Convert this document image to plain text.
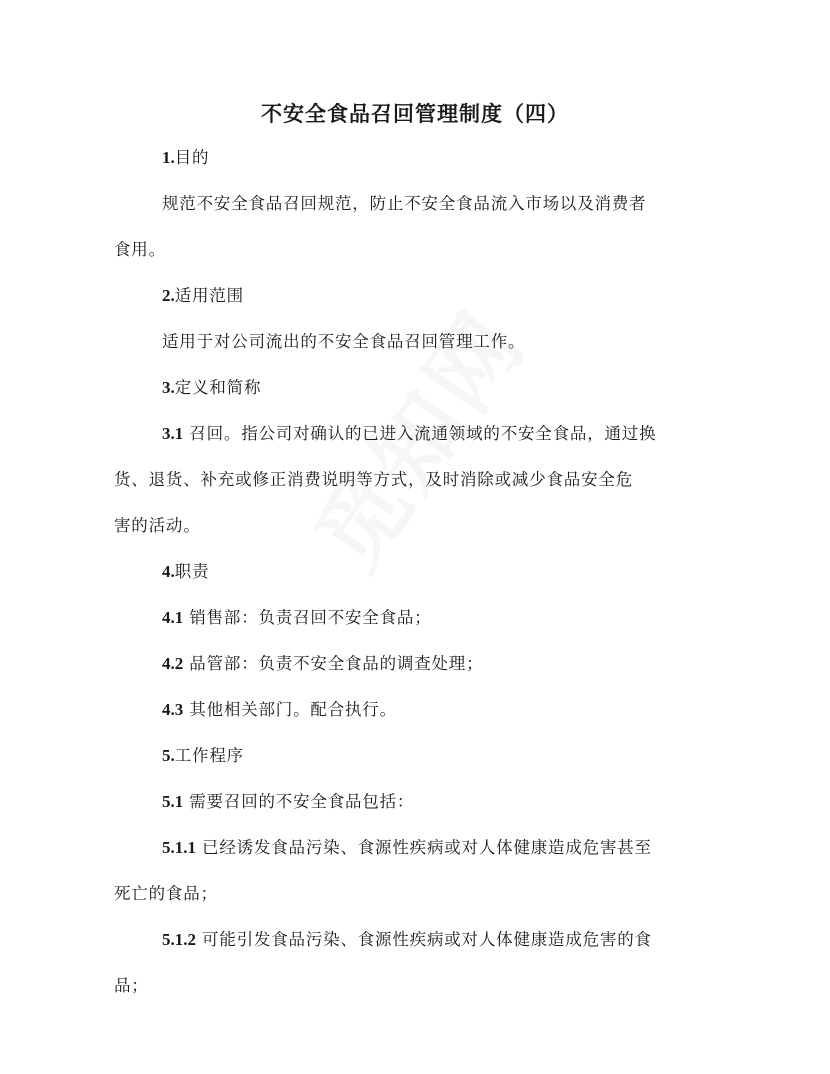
不安全食品召回管理制度（四）
1.目的
规范不安全食品召回规范，防止不安全食品流入市场以及消费者
食用。
2.适用范围
适用于对公司流出的不安全食品召回管理工作。
3.定义和简称
3.1 召回。指公司对确认的已进入流通领域的不安全食品，通过换
货、退货、补充或修正消费说明等方式，及时消除或减少食品安全危
害的活动。
4.职责
4.1 销售部：负责召回不安全食品；
4.2 品管部：负责不安全食品的调查处理；
4.3 其他相关部门。配合执行。
5.工作程序
5.1 需要召回的不安全食品包括：
5.1.1 已经诱发食品污染、食源性疾病或对人体健康造成危害甚至
死亡的食品；
5.1.2 可能引发食品污染、食源性疾病或对人体健康造成危害的食
品；
